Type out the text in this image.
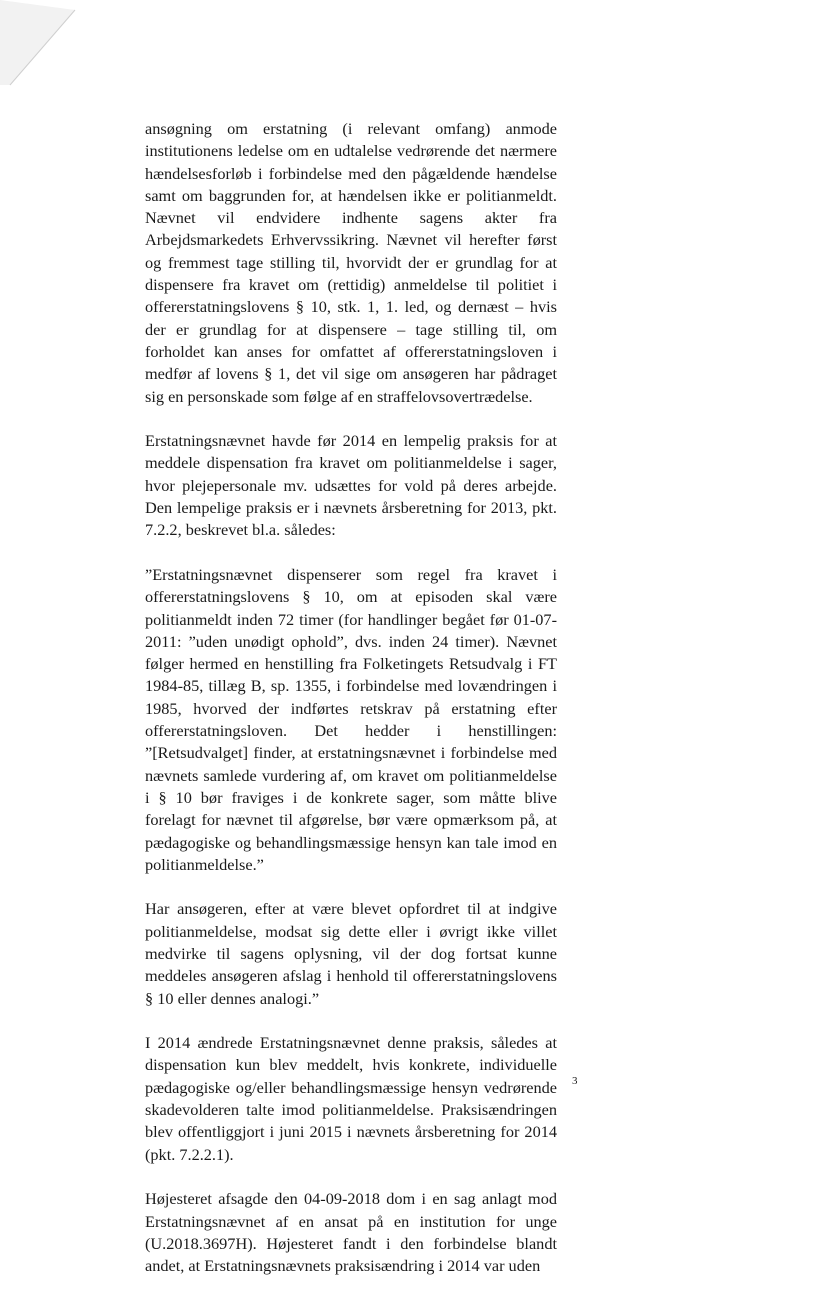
ansøgning om erstatning (i relevant omfang) anmode institutionens ledelse om en udtalelse vedrørende det nærmere hændelsesforløb i forbindelse med den pågældende hændelse samt om baggrunden for, at hændelsen ikke er politianmeldt. Nævnet vil endvidere indhente sagens akter fra Arbejdsmarkedets Erhvervssikring. Nævnet vil herefter først og fremmest tage stilling til, hvorvidt der er grundlag for at dispensere fra kravet om (rettidig) anmeldelse til politiet i offererstatningslovens § 10, stk. 1, 1. led, og dernæst – hvis der er grundlag for at dispensere – tage stilling til, om forholdet kan anses for omfattet af offererstatningsloven i medfør af lovens § 1, det vil sige om ansøgeren har pådraget sig en personskade som følge af en straffelovsovertrædelse.

Erstatningsnævnet havde før 2014 en lempelig praksis for at meddele dispensation fra kravet om politianmeldelse i sager, hvor plejepersonale mv. udsættes for vold på deres arbejde. Den lempelige praksis er i nævnets årsberetning for 2013, pkt. 7.2.2, beskrevet bl.a. således:

”Erstatningsnævnet dispenserer som regel fra kravet i offererstatningslovens § 10, om at episoden skal være politianmeldt inden 72 timer (for handlinger begået før 01-07-2011: ”uden unødigt ophold”, dvs. inden 24 timer). Nævnet følger hermed en henstilling fra Folketingets Retsudvalg i FT 1984-85, tillæg B, sp. 1355, i forbindelse med lovændringen i 1985, hvorved der indførtes retskrav på erstatning efter offererstatningsloven. Det hedder i henstillingen: ”[Retsudvalget] finder, at erstatningsnævnet i forbindelse med nævnets samlede vurdering af, om kravet om politianmeldelse i § 10 bør fraviges i de konkrete sager, som måtte blive forelagt for nævnet til afgørelse, bør være opmærksom på, at pædagogiske og behandlingsmæssige hensyn kan tale imod en politianmeldelse.”

Har ansøgeren, efter at være blevet opfordret til at indgive politianmeldelse, modsat sig dette eller i øvrigt ikke villet medvirke til sagens oplysning, vil der dog fortsat kunne meddeles ansøgeren afslag i henhold til offererstatningslovens § 10 eller dennes analogi.”

I 2014 ændrede Erstatningsnævnet denne praksis, således at dispensation kun blev meddelt, hvis konkrete, individuelle pædagogiske og/eller behandlingsmæssige hensyn vedrørende skadevolderen talte imod politianmeldelse. Praksisændringen blev offentliggjort i juni 2015 i nævnets årsberetning for 2014 (pkt. 7.2.2.1).

Højesteret afsagde den 04-09-2018 dom i en sag anlagt mod Erstatningsnævnet af en ansat på en institution for unge (U.2018.3697H). Højesteret fandt i den forbindelse blandt andet, at Erstatningsnævnets praksisændring i 2014 var uden

3
